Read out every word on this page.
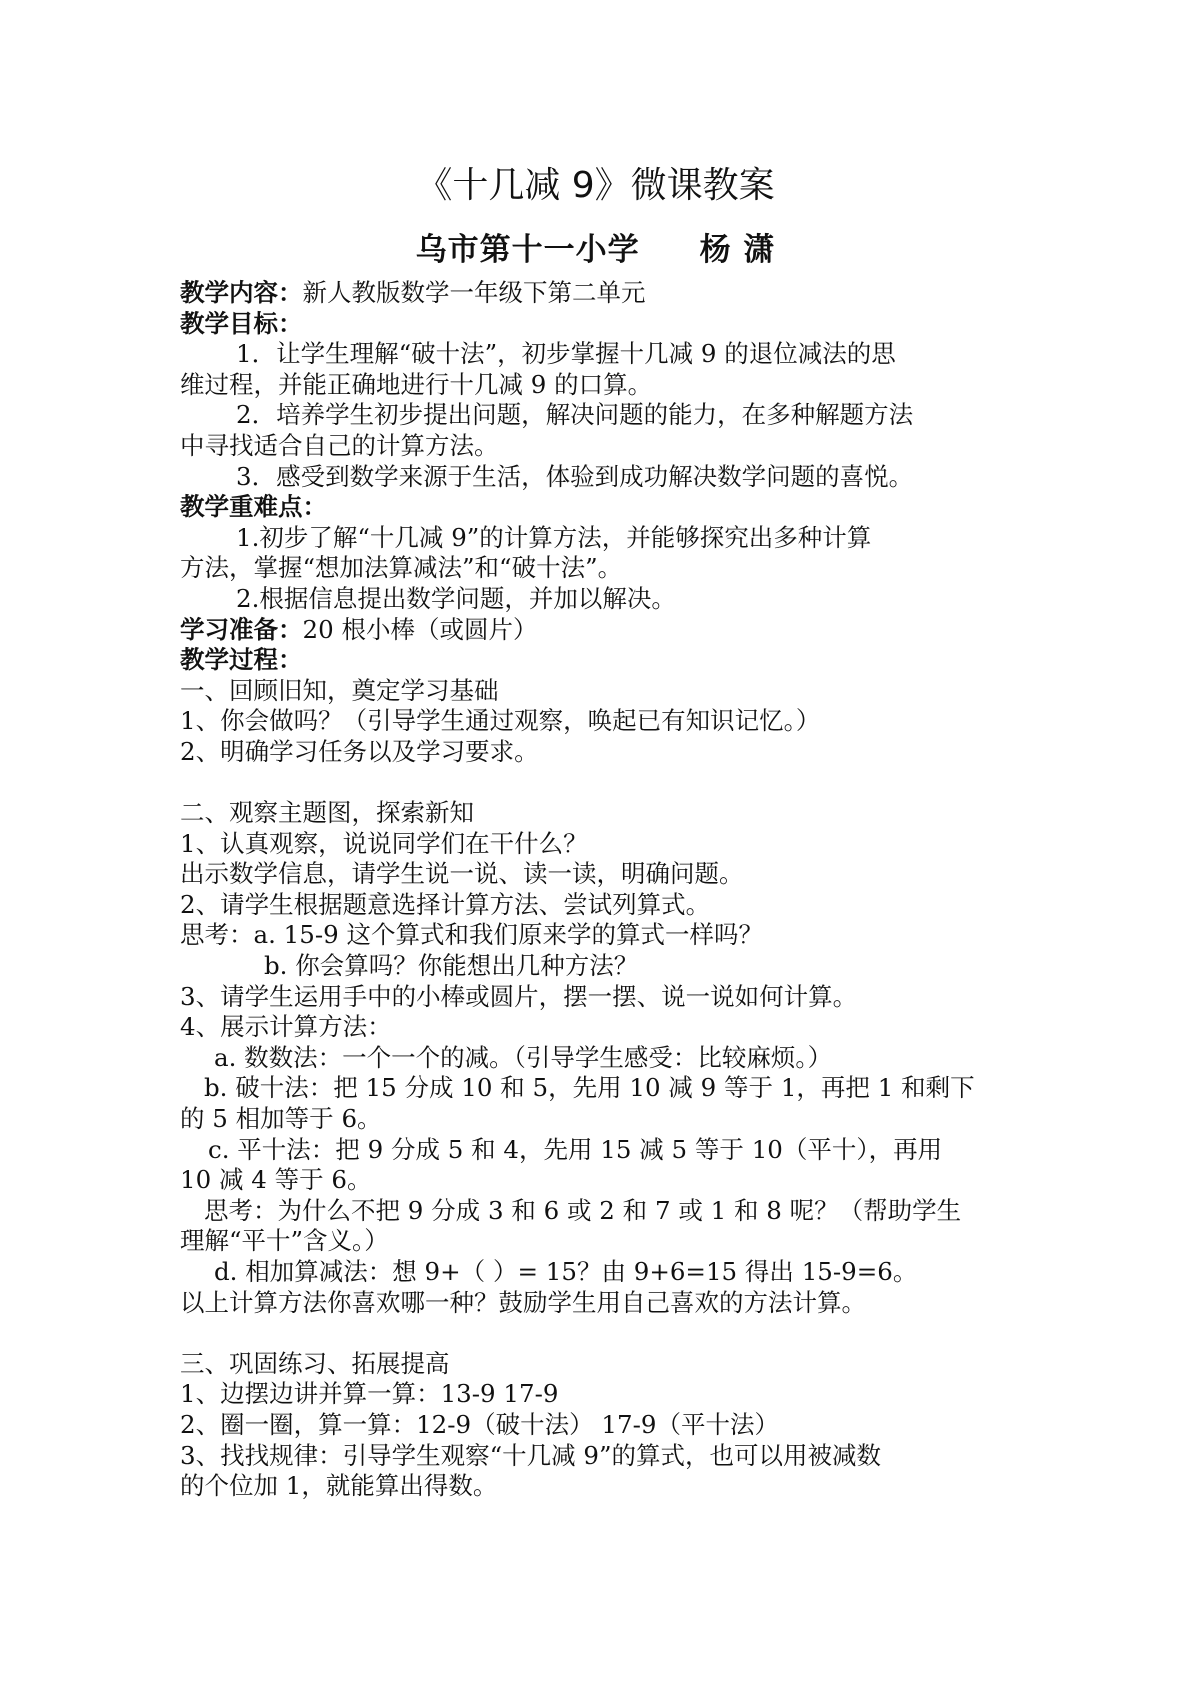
《十几减 9》微课教案
乌市第十一小学 杨 潇
教学内容：新人教版数学一年级下第二单元
教学目标：
1．让学生理解“破十法”，初步掌握十几减 9 的退位减法的思
维过程，并能正确地进行十几减 9 的口算。
2．培养学生初步提出问题，解决问题的能力，在多种解题方法
中寻找适合自己的计算方法。
3．感受到数学来源于生活，体验到成功解决数学问题的喜悦。
教学重难点：
1.初步了解“十几减 9”的计算方法，并能够探究出多种计算
方法，掌握“想加法算减法”和“破十法”。
2.根据信息提出数学问题，并加以解决。
学习准备：20 根小棒（或圆片）
教学过程：
一、回顾旧知，奠定学习基础
1、你会做吗？（引导学生通过观察，唤起已有知识记忆。）
2、明确学习任务以及学习要求。
二、观察主题图，探索新知
1、认真观察，说说同学们在干什么？
出示数学信息，请学生说一说、读一读，明确问题。
2、请学生根据题意选择计算方法、尝试列算式。
思考：a. 15-9 这个算式和我们原来学的算式一样吗？
b. 你会算吗？你能想出几种方法？
3、请学生运用手中的小棒或圆片，摆一摆、说一说如何计算。
4、展示计算方法：
a. 数数法：一个一个的减。（引导学生感受：比较麻烦。）
b. 破十法：把 15 分成 10 和 5，先用 10 减 9 等于 1，再把 1 和剩下
的 5 相加等于 6。
c. 平十法：把 9 分成 5 和 4，先用 15 减 5 等于 10（平十），再用
10 减 4 等于 6。
思考：为什么不把 9 分成 3 和 6 或 2 和 7 或 1 和 8 呢？（帮助学生
理解“平十”含义。）
d. 相加算减法：想 9+（ ）= 15？由 9+6=15 得出 15-9=6。
以上计算方法你喜欢哪一种？鼓励学生用自己喜欢的方法计算。
三、巩固练习、拓展提高
1、边摆边讲并算一算：13-9 17-9
2、圈一圈，算一算：12-9（破十法） 17-9（平十法）
3、找找规律：引导学生观察“十几减 9”的算式，也可以用被减数
的个位加 1，就能算出得数。
